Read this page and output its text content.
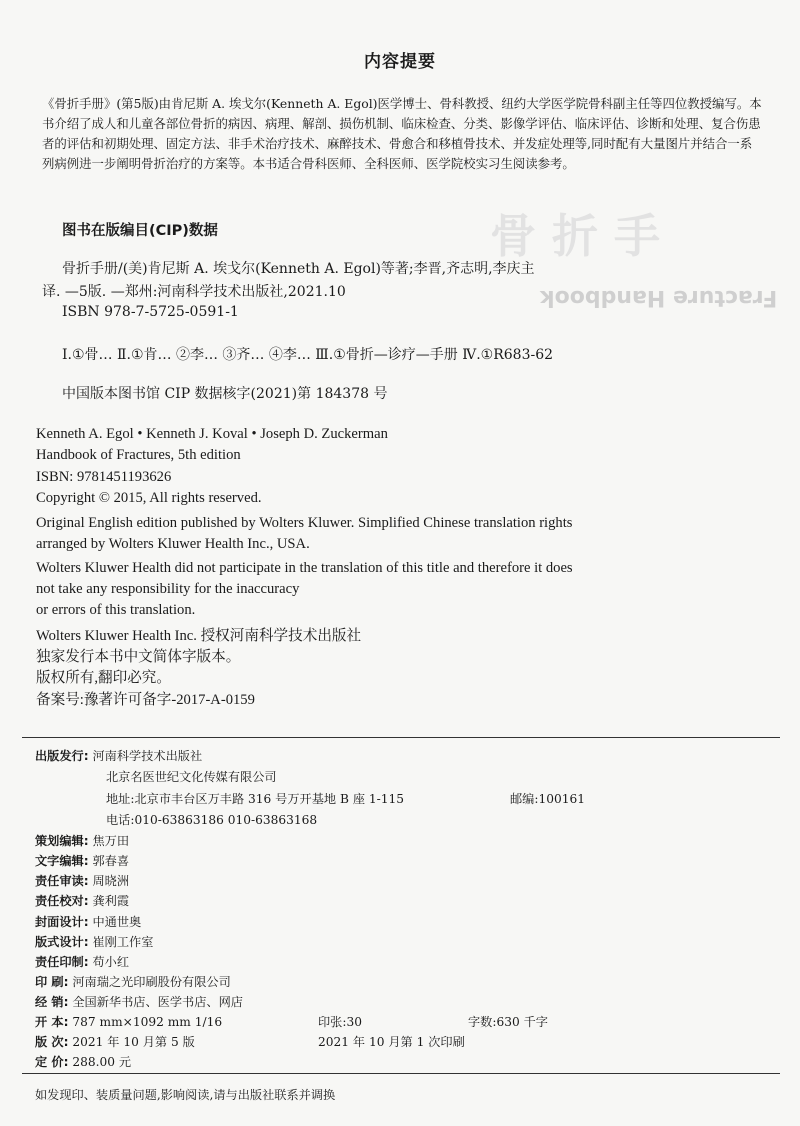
骨 折 手
Fracture Handbook
内容提要
《骨折手册》(第5版)由肯尼斯 A. 埃戈尔(Kenneth A. Egol)医学博士、骨科教授、纽约大学医学院骨科副主任等四位教授编写。本书介绍了成人和儿童各部位骨折的病因、病理、解剖、损伤机制、临床检查、分类、影像学评估、临床评估、诊断和处理、复合伤患者的评估和初期处理、固定方法、非手术治疗技术、麻醉技术、骨愈合和移植骨技术、并发症处理等,同时配有大量图片并结合一系列病例进一步阐明骨折治疗的方案等。本书适合骨科医师、全科医师、医学院校实习生阅读参考。
图书在版编目(CIP)数据
骨折手册/(美)肯尼斯 A. 埃戈尔(Kenneth A. Egol)等著;李晋,齐志明,李庆主
译. —5版. —郑州:河南科学技术出版社,2021.10
ISBN 978-7-5725-0591-1
Ⅰ.①骨… Ⅱ.①肯… ②李… ③齐… ④李… Ⅲ.①骨折—诊疗—手册 Ⅳ.①R683-62
中国版本图书馆 CIP 数据核字(2021)第 184378 号
Kenneth A. Egol • Kenneth J. Koval • Joseph D. Zuckerman
Handbook of Fractures, 5th edition
ISBN: 9781451193626
Copyright © 2015, All rights reserved.
Original English edition published by Wolters Kluwer. Simplified Chinese translation rights
arranged by Wolters Kluwer Health Inc., USA.
Wolters Kluwer Health did not participate in the translation of this title and therefore it does
not take any responsibility for the inaccuracy
or errors of this translation.
Wolters Kluwer Health Inc. 授权河南科学技术出版社
独家发行本书中文简体字版本。
版权所有,翻印必究。
备案号:豫著许可备字-2017-A-0159
出版发行: 河南科学技术出版社
北京名医世纪文化传媒有限公司
地址:北京市丰台区万丰路 316 号万开基地 B 座 1-115	邮编:100161
电话:010-63863186 010-63863168
策划编辑: 焦万田
文字编辑: 郭春喜
责任审读: 周晓洲
责任校对: 龚利霞
封面设计: 中通世奥
版式设计: 崔刚工作室
责任印制: 苟小红
印 刷: 河南瑞之光印刷股份有限公司
经 销: 全国新华书店、医学书店、网店
开 本: 787 mm×1092 mm 1/16	印张:30	字数:630 千字
版 次: 2021 年 10 月第 5 版	2021 年 10 月第 1 次印刷
定 价: 288.00 元
如发现印、装质量问题,影响阅读,请与出版社联系并调换
